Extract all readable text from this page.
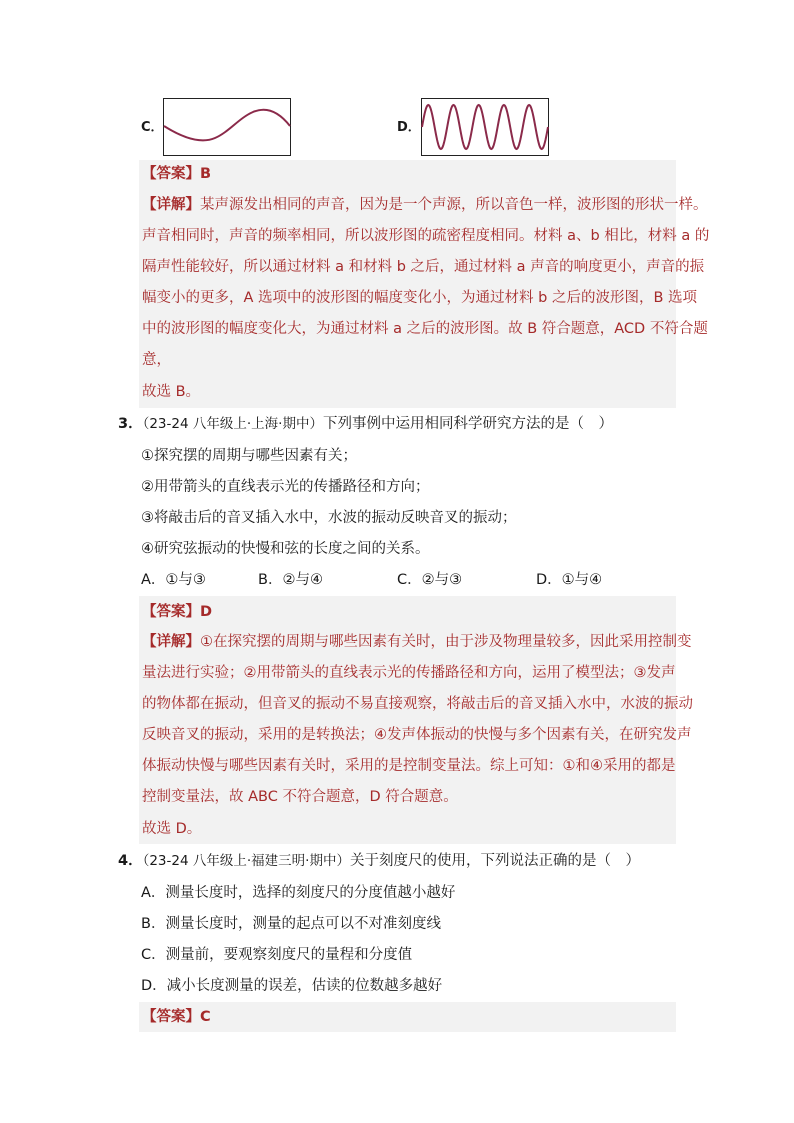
C．	D．
【答案】B
【详解】某声源发出相同的声音，因为是一个声源，所以音色一样，波形图的形状一样。
声音相同时，声音的频率相同，所以波形图的疏密程度相同。材料 a、b 相比，材料 a 的
隔声性能较好，所以通过材料 a 和材料 b 之后，通过材料 a 声音的响度更小，声音的振
幅变小的更多，A 选项中的波形图的幅度变化小，为通过材料 b 之后的波形图，B 选项
中的波形图的幅度变化大，为通过材料 a 之后的波形图。故 B 符合题意，ACD 不符合题
意，
故选 B。
3．（23-24 八年级上·上海·期中）下列事例中运用相同科学研究方法的是（　）
①探究摆的周期与哪些因素有关；
②用带箭头的直线表示光的传播路径和方向；
③将敲击后的音叉插入水中，水波的振动反映音叉的振动；
④研究弦振动的快慢和弦的长度之间的关系。
A．①与③	B．②与④	C．②与③	D．①与④
【答案】D
【详解】①在探究摆的周期与哪些因素有关时，由于涉及物理量较多，因此采用控制变
量法进行实验；②用带箭头的直线表示光的传播路径和方向，运用了模型法；③发声
的物体都在振动，但音叉的振动不易直接观察，将敲击后的音叉插入水中，水波的振动
反映音叉的振动，采用的是转换法；④发声体振动的快慢与多个因素有关，在研究发声
体振动快慢与哪些因素有关时，采用的是控制变量法。综上可知：①和④采用的都是
控制变量法，故 ABC 不符合题意，D 符合题意。
故选 D。
4．（23-24 八年级上·福建三明·期中）关于刻度尺的使用，下列说法正确的是（　）
A．测量长度时，选择的刻度尺的分度值越小越好
B．测量长度时，测量的起点可以不对准刻度线
C．测量前，要观察刻度尺的量程和分度值
D．减小长度测量的误差，估读的位数越多越好
【答案】C
